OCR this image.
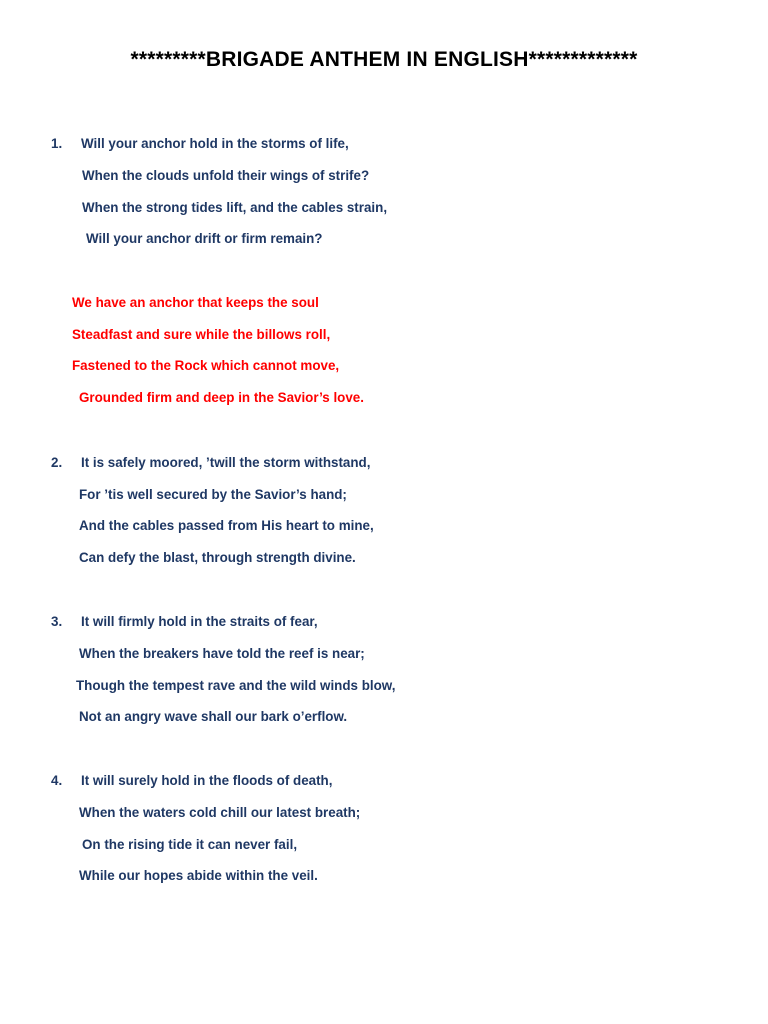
*********BRIGADE ANTHEM IN ENGLISH*************
1. Will your anchor hold in the storms of life,
When the clouds unfold their wings of strife?
When the strong tides lift, and the cables strain,
Will your anchor drift or firm remain?
We have an anchor that keeps the soul
Steadfast and sure while the billows roll,
Fastened to the Rock which cannot move,
Grounded firm and deep in the Savior’s love.
2. It is safely moored, ’twill the storm withstand,
For ’tis well secured by the Savior’s hand;
And the cables passed from His heart to mine,
Can defy the blast, through strength divine.
3. It will firmly hold in the straits of fear,
When the breakers have told the reef is near;
Though the tempest rave and the wild winds blow,
Not an angry wave shall our bark o’erflow.
4. It will surely hold in the floods of death,
When the waters cold chill our latest breath;
On the rising tide it can never fail,
While our hopes abide within the veil.
